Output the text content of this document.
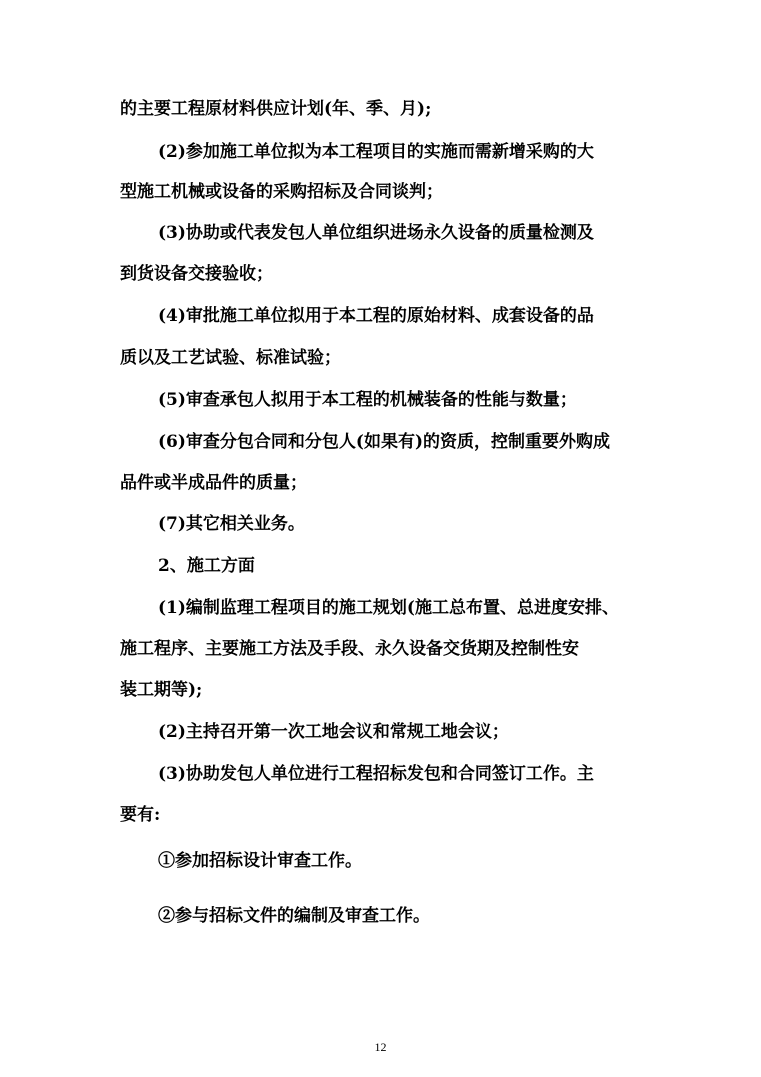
的主要工程原材料供应计划(年、季、月);
(2)参加施工单位拟为本工程项目的实施而需新增采购的大
型施工机械或设备的采购招标及合同谈判；
(3)协助或代表发包人单位组织进场永久设备的质量检测及
到货设备交接验收；
(4)审批施工单位拟用于本工程的原始材料、成套设备的品
质以及工艺试验、标准试验；
(5)审查承包人拟用于本工程的机械装备的性能与数量；
(6)审查分包合同和分包人(如果有)的资质，控制重要外购成
品件或半成品件的质量；
(7)其它相关业务。
2、施工方面
(1)编制监理工程项目的施工规划(施工总布置、总进度安排、
施工程序、主要施工方法及手段、永久设备交货期及控制性安
装工期等);
(2)主持召开第一次工地会议和常规工地会议；
(3)协助发包人单位进行工程招标发包和合同签订工作。主
要有:
①参加招标设计审查工作。
②参与招标文件的编制及审查工作。
12
